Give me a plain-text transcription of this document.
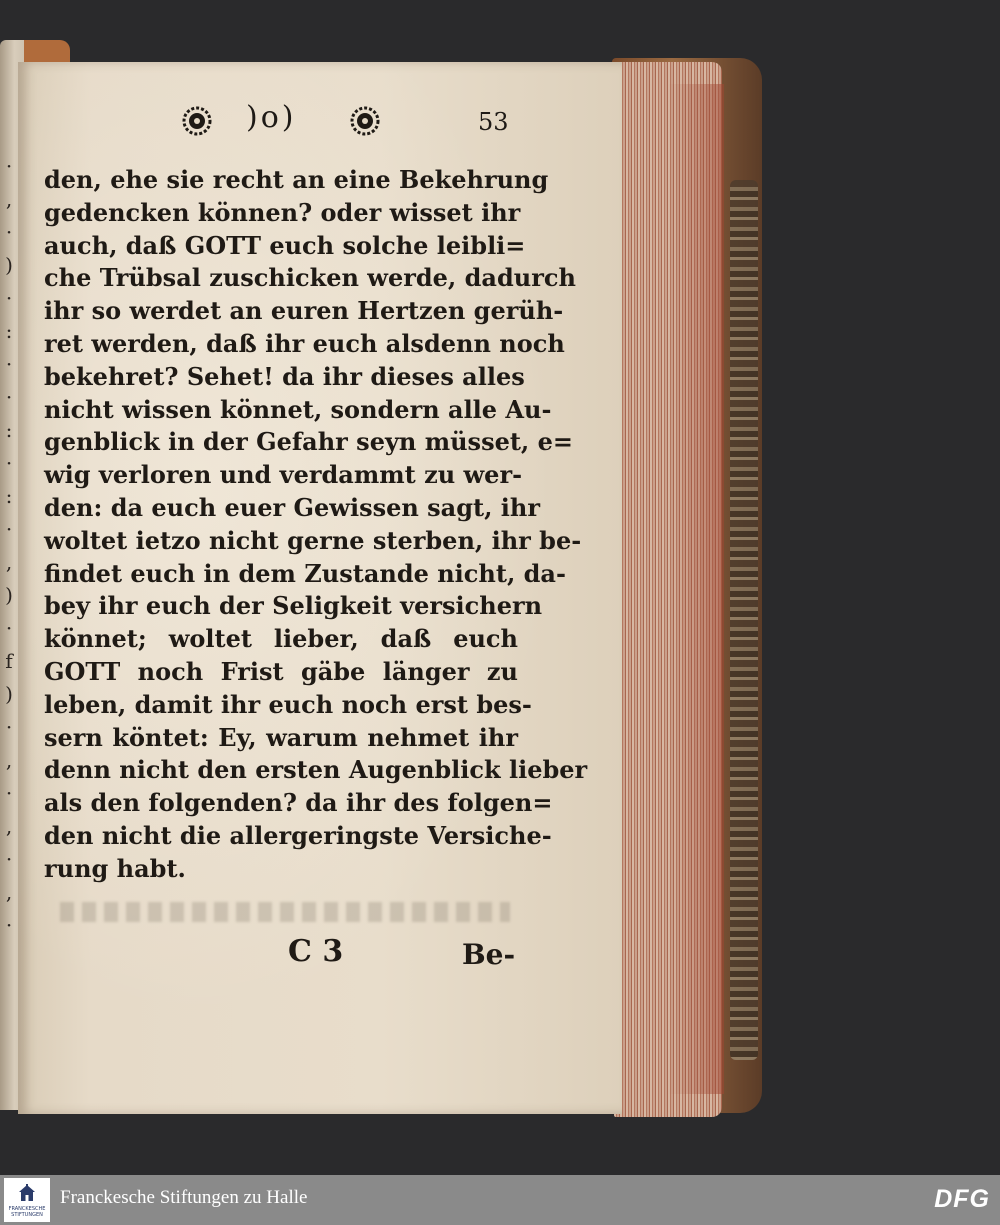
·
,
·
)
·
:
·
·
:
·
:
·
,
)
·
f
)
·
,
·
,
·
,
·
)o)	53
den, ehe sie recht an eine Bekehrung
gedencken können? oder wisset ihr
auch, daß GOTT euch solche leibli=
che Trübsal zuschicken werde, dadurch
ihr so werdet an euren Hertzen gerüh-
ret werden, daß ihr euch alsdenn noch
bekehret? Sehet! da ihr dieses alles
nicht wissen könnet, sondern alle Au-
genblick in der Gefahr seyn müsset, e=
wig verloren und verdammt zu wer-
den: da euch euer Gewissen sagt, ihr
woltet ietzo nicht gerne sterben, ihr be-
findet euch in dem Zustande nicht, da-
bey ihr euch der Seligkeit versichern
könnet; woltet lieber, daß euch
GOTT noch Frist gäbe länger zu
leben, damit ihr euch noch erst bes-
sern köntet: Ey, warum nehmet ihr
denn nicht den ersten Augenblick lieber
als den folgenden? da ihr des folgen=
den nicht die allergeringste Versiche-
rung habt.
C 3	Be-
FRANCKESCHE STIFTUNGEN
Franckesche Stiftungen zu Halle	DFG
